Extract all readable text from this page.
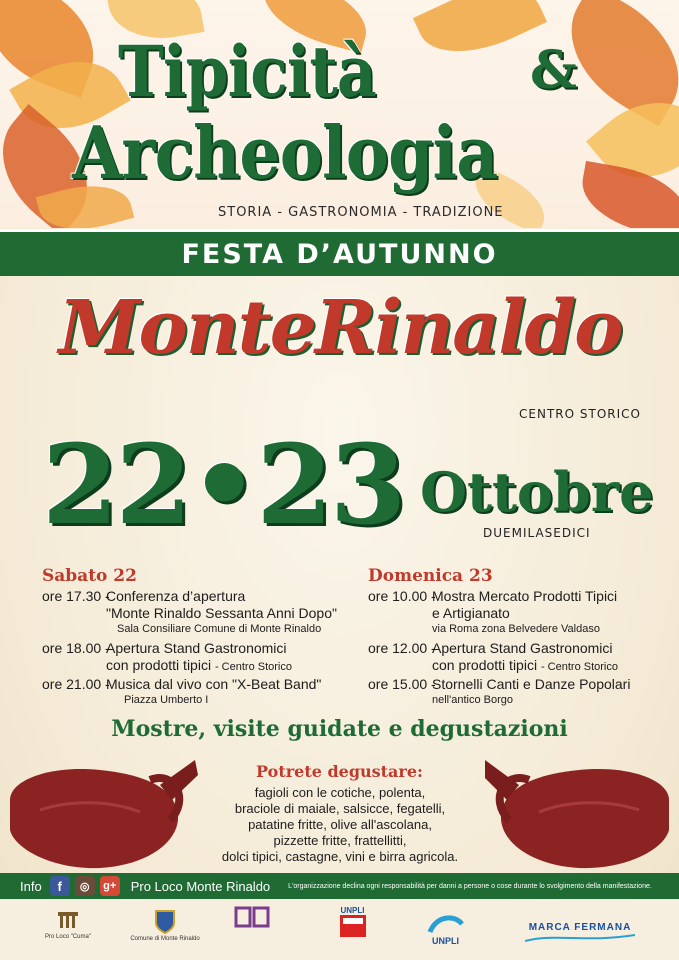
Tipicità	&
Archeologia
STORIA - GASTRONOMIA - TRADIZIONE
FESTA D’AUTUNNO
MonteRinaldo
CENTRO STORICO
22•23 Ottobre
DUEMILASEDICI
Sabato 22
ore 17.30 -Conferenza d’apertura
"Monte Rinaldo Sessanta Anni Dopo"
Sala Consiliare Comune di Monte Rinaldo
ore 18.00 -Apertura Stand Gastronomici
con prodotti tipici - Centro Storico
ore 21.00 -Musica dal vivo con "X-Beat Band"
Piazza Umberto I
Domenica 23
ore 10.00 -Mostra Mercato Prodotti Tipici
e Artigianato
via Roma zona Belvedere Valdaso
ore 12.00 -Apertura Stand Gastronomici
con prodotti tipici - Centro Storico
ore 15.00 -Stornelli Canti e Danze Popolari
nell'antico Borgo
Mostre, visite guidate e degustazioni
Potrete degustare:
fagioli con le cotiche, polenta,
braciole di maiale, salsicce, fegatelli,
patatine fritte, olive all'ascolana,
pizzette fritte, frattellitti,
dolci tipici, castagne, vini e birra agricola.
Info	f	◎	g+ Pro Loco Monte Rinaldo	L'organizzazione declina ogni responsabilità per danni a persone o cose durante lo svolgimento della manifestazione.
Pro Loco "Cuma"	Comune di Monte Rinaldo
UNPLI
UNPLI
MARCA FERMANA
